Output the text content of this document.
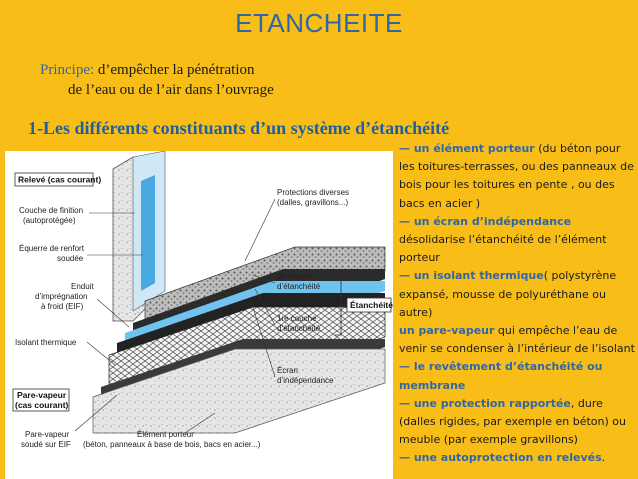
ETANCHEITE
Principe: d’empêcher la pénétration
de l’eau ou de l’air dans l’ouvrage
1-Les différents constituants d’un système d’étanchéité
Relevé (cas courant)
Couche de finition
(autoprotégée)
Équerre de renfort
soudée
Enduit
d’imprégnation
à froid (EIF)
Isolant thermique
Pare-vapeur
(cas courant)
Pare-vapeur
soudé sur EIF
Élément porteur
(béton, panneaux à base de bois, bacs en acier...)
Protections diverses
(dalles, gravillons...)
2e couche
d’étanchéité
1re couche
d’étanchéité
Écran
d’indépendance
Étanchéité

— un élément porteur (du béton pour les toitures-terrasses, ou des panneaux de bois pour les toitures en pente , ou des bacs en acier )

— un écran d’indépendance désolidarise l’étanchéité de l’élément porteur

— un isolant thermique( polystyrène expansé, mousse de polyuréthane ou autre)

un pare-vapeur qui empêche l’eau de venir se condenser à l’intérieur de l’isolant

— le revêtement d’étanchéité ou membrane

— une protection rapportée, dure (dalles rigides, par exemple en béton) ou meuble (par exemple gravillons)

— une autoprotection en relevés.
